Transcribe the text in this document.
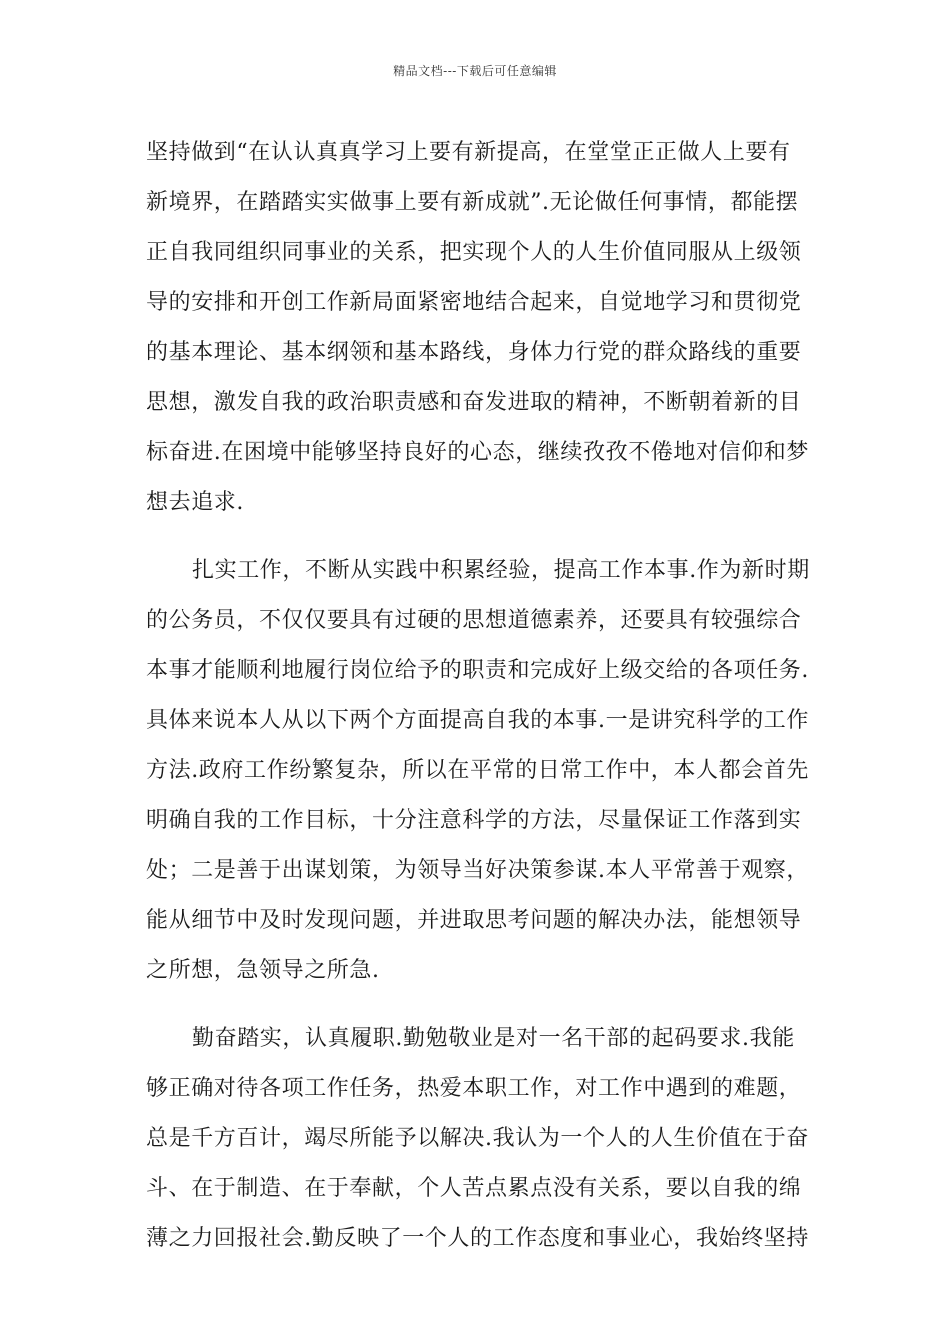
精品文档---下载后可任意编辑
坚持做到“在认认真真学习上要有新提高，在堂堂正正做人上要有
新境界，在踏踏实实做事上要有新成就”.无论做任何事情，都能摆
正自我同组织同事业的关系，把实现个人的人生价值同服从上级领
导的安排和开创工作新局面紧密地结合起来，自觉地学习和贯彻党
的基本理论、基本纲领和基本路线，身体力行党的群众路线的重要
思想，激发自我的政治职责感和奋发进取的精神，不断朝着新的目
标奋进.在困境中能够坚持良好的心态，继续孜孜不倦地对信仰和梦
想去追求.
扎实工作，不断从实践中积累经验，提高工作本事.作为新时期
的公务员，不仅仅要具有过硬的思想道德素养，还要具有较强综合
本事才能顺利地履行岗位给予的职责和完成好上级交给的各项任务.
具体来说本人从以下两个方面提高自我的本事.一是讲究科学的工作
方法.政府工作纷繁复杂，所以在平常的日常工作中，本人都会首先
明确自我的工作目标，十分注意科学的方法，尽量保证工作落到实
处；二是善于出谋划策，为领导当好决策参谋.本人平常善于观察，
能从细节中及时发现问题，并进取思考问题的解决办法，能想领导
之所想，急领导之所急.
勤奋踏实，认真履职.勤勉敬业是对一名干部的起码要求.我能
够正确对待各项工作任务，热爱本职工作，对工作中遇到的难题，
总是千方百计，竭尽所能予以解决.我认为一个人的人生价值在于奋
斗、在于制造、在于奉献，个人苦点累点没有关系，要以自我的绵
薄之力回报社会.勤反映了一个人的工作态度和事业心，我始终坚持
